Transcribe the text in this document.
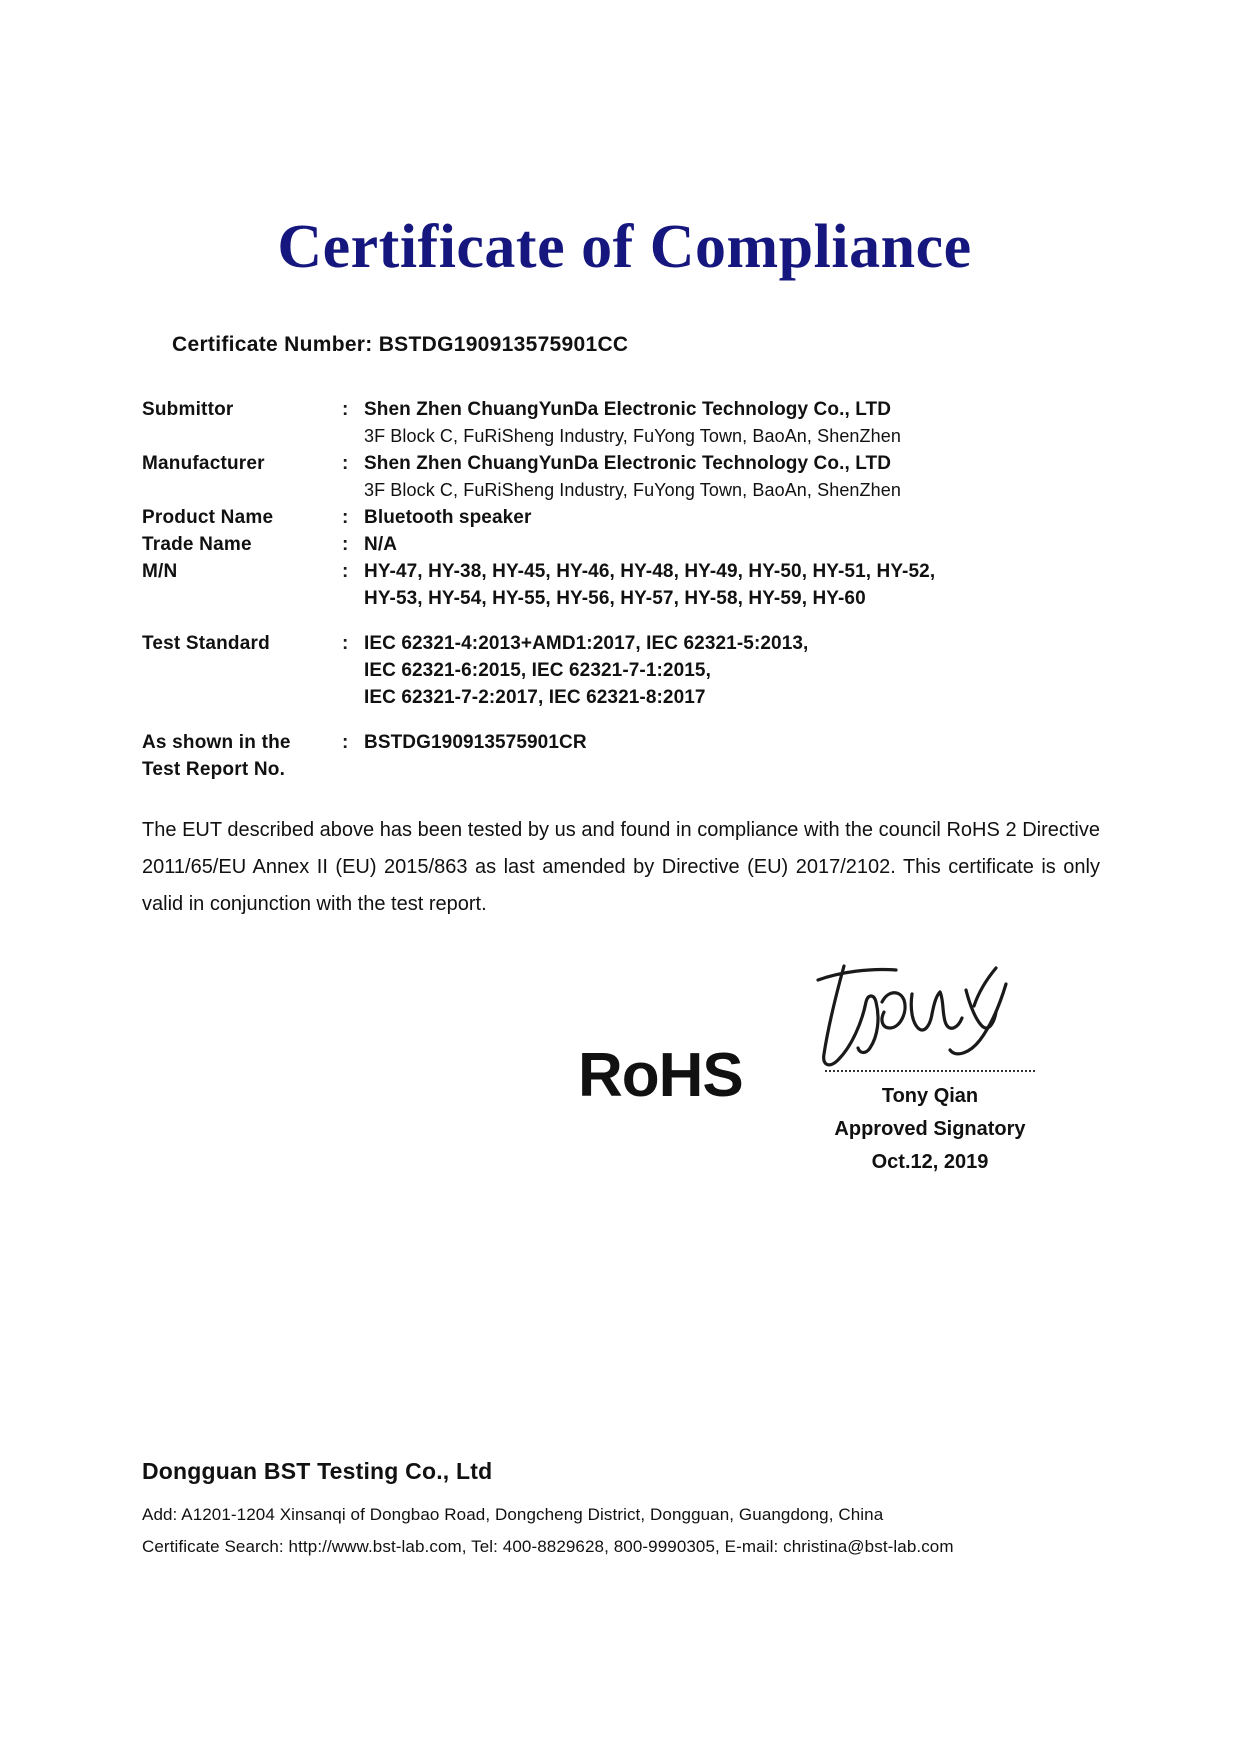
Certificate of Compliance
Certificate Number: BSTDG190913575901CC
Submittor	: Shen Zhen ChuangYunDa Electronic Technology Co., LTD
3F Block C, FuRiSheng Industry, FuYong Town, BaoAn, ShenZhen
Manufacturer	: Shen Zhen ChuangYunDa Electronic Technology Co., LTD
3F Block C, FuRiSheng Industry, FuYong Town, BaoAn, ShenZhen
Product Name	: Bluetooth speaker
Trade Name	: N/A
M/N	: HY-47, HY-38, HY-45, HY-46, HY-48, HY-49, HY-50, HY-51, HY-52,
HY-53, HY-54, HY-55, HY-56, HY-57, HY-58, HY-59, HY-60
Test Standard	: IEC 62321-4:2013+AMD1:2017, IEC 62321-5:2013,
IEC 62321-6:2015, IEC 62321-7-1:2015,
IEC 62321-7-2:2017, IEC 62321-8:2017
As shown in the
Test Report No.
: BSTDG190913575901CR
The EUT described above has been tested by us and found in compliance with the council RoHS 2 Directive 2011/65/EU Annex II (EU) 2015/863 as last amended by Directive (EU) 2017/2102. This certificate is only valid in conjunction with the test report.
RoHS	Tony Qian
Approved Signatory
Oct.12, 2019
Dongguan BST Testing Co., Ltd
Add: A1201-1204 Xinsanqi of Dongbao Road, Dongcheng District, Dongguan, Guangdong, China
Certificate Search: http://www.bst-lab.com, Tel: 400-8829628, 800-9990305, E-mail: christina@bst-lab.com
